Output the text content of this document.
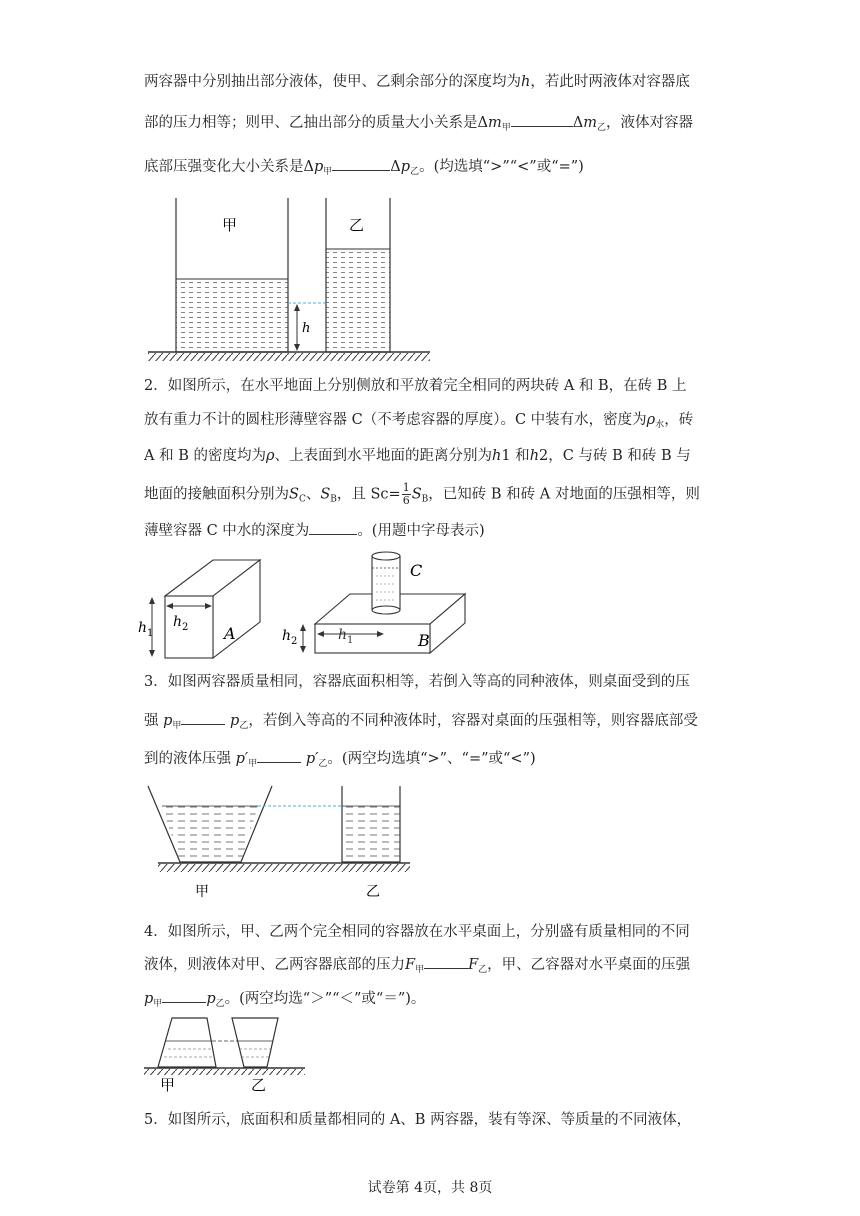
两容器中分别抽出部分液体，使甲、乙剩余部分的深度均为h，若此时两液体对容器底
部的压力相等；则甲、乙抽出部分的质量大小关系是$\Delta m_甲$	$\Delta m_乙$，液体对容器
底部压强变化大小关系是$\Delta p_甲$	$\Delta p_乙$。(均选填“>”“<”或“=”)
甲	乙
h
2．如图所示，在水平地面上分别侧放和平放着完全相同的两块砖 A 和 B，在砖 B 上
放有重力不计的圆柱形薄壁容器 C（不考虑容器的厚度）。C 中装有水，密度为$\rho_水$，砖
A 和 B 的密度均为ρ、上表面到水平地面的距离分别为h1 和h2，C 与砖 B 和砖 B 与
地面的接触面积分别为$S_C$、$S_B$，且 $Sc= \frac{1}{6} S_B$，已知砖 B 和砖 A 对地面的压强相等，则
薄壁容器 C 中水的深度为	。(用题中字母表示)
A
$h_2$
$h_1$	B
$h_1$
$h_2$
C
3．如图两容器质量相同，容器底面积相等，若倒入等高的同种液体，则桌面受到的压
强 $p_甲$	$p_乙$，若倒入等高的不同种液体时，容器对桌面的压强相等，则容器底部受
到的液体压强 $p'_甲$	$p'_乙$。(两空均选填“>”、“=”或“<”)
甲	乙
4．如图所示，甲、乙两个完全相同的容器放在水平桌面上，分别盛有质量相同的不同
液体，则液体对甲、乙两容器底部的压力$F_甲$	$F_乙$，甲、乙容器对水平桌面的压强
$p_甲$	$p_乙$。(两空均选“＞”“＜”或“＝”)。
甲	乙
5．如图所示，底面积和质量都相同的 A、B 两容器，装有等深、等质量的不同液体，
试卷第 4页，共 8页
